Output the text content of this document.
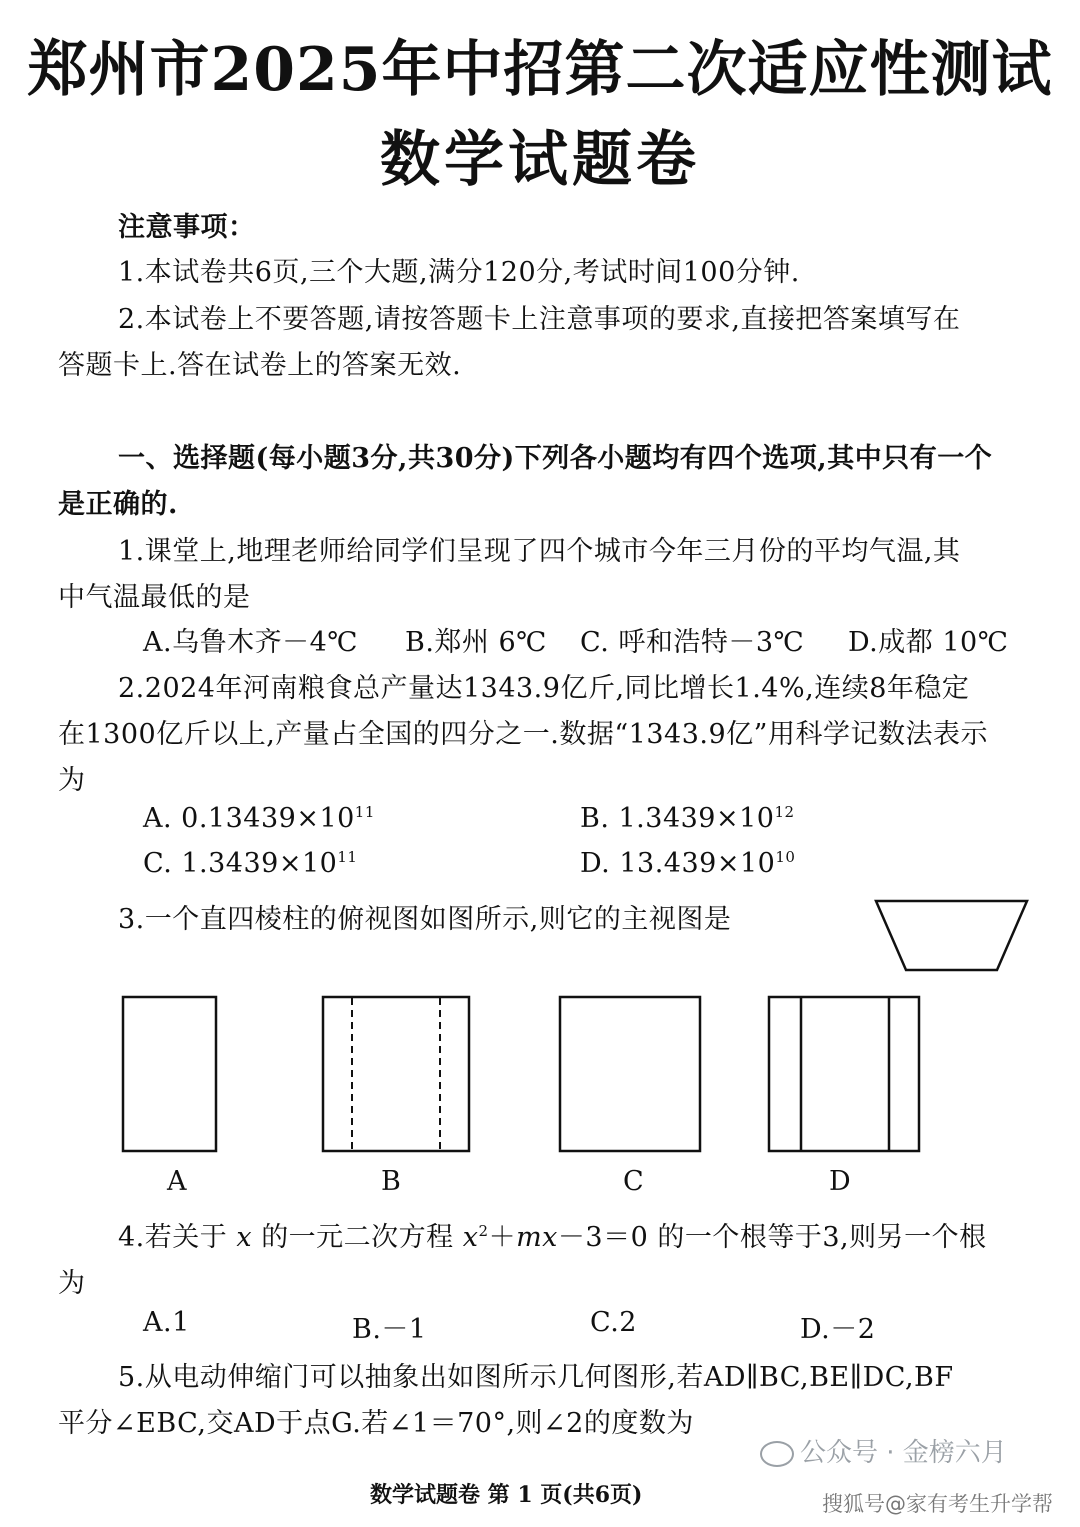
郑州市2025年中招第二次适应性测试
数学试题卷
注意事项：
1.本试卷共6页,三个大题,满分120分,考试时间100分钟.
2.本试卷上不要答题,请按答题卡上注意事项的要求,直接把答案填写在
答题卡上.答在试卷上的答案无效.
一、选择题(每小题3分,共30分)下列各小题均有四个选项,其中只有一个
是正确的.
1.课堂上,地理老师给同学们呈现了四个城市今年三月份的平均气温,其
中气温最低的是
A.乌鲁木齐－4℃ B.郑州 6℃ C. 呼和浩特－3℃ D.成都 10℃
2.2024年河南粮食总产量达1343.9亿斤,同比增长1.4%,连续8年稳定
在1300亿斤以上,产量占全国的四分之一.数据“1343.9亿”用科学记数法表示
为
A. $0.13439\times 10^{11}$	B. $1.3439\times 10^{12}$
C. $1.3439\times 10^{11}$	D. $13.439\times 10^{10}$
3.一个直四棱柱的俯视图如图所示,则它的主视图是
A	B	C	D
4.若关于 x 的一元二次方程 $x^2+mx-3=0$ 的一个根等于3,则另一个根
为
A.1	B.－1	C.2	D.－2
5.从电动伸缩门可以抽象出如图所示几何图形,若AD∥BC,BE∥DC,BF
平分∠EBC,交AD于点G.若∠1＝70°,则∠2的度数为
数学试题卷 第 1 页(共6页)
公众号 · 金榜六月
搜狐号@家有考生升学帮
